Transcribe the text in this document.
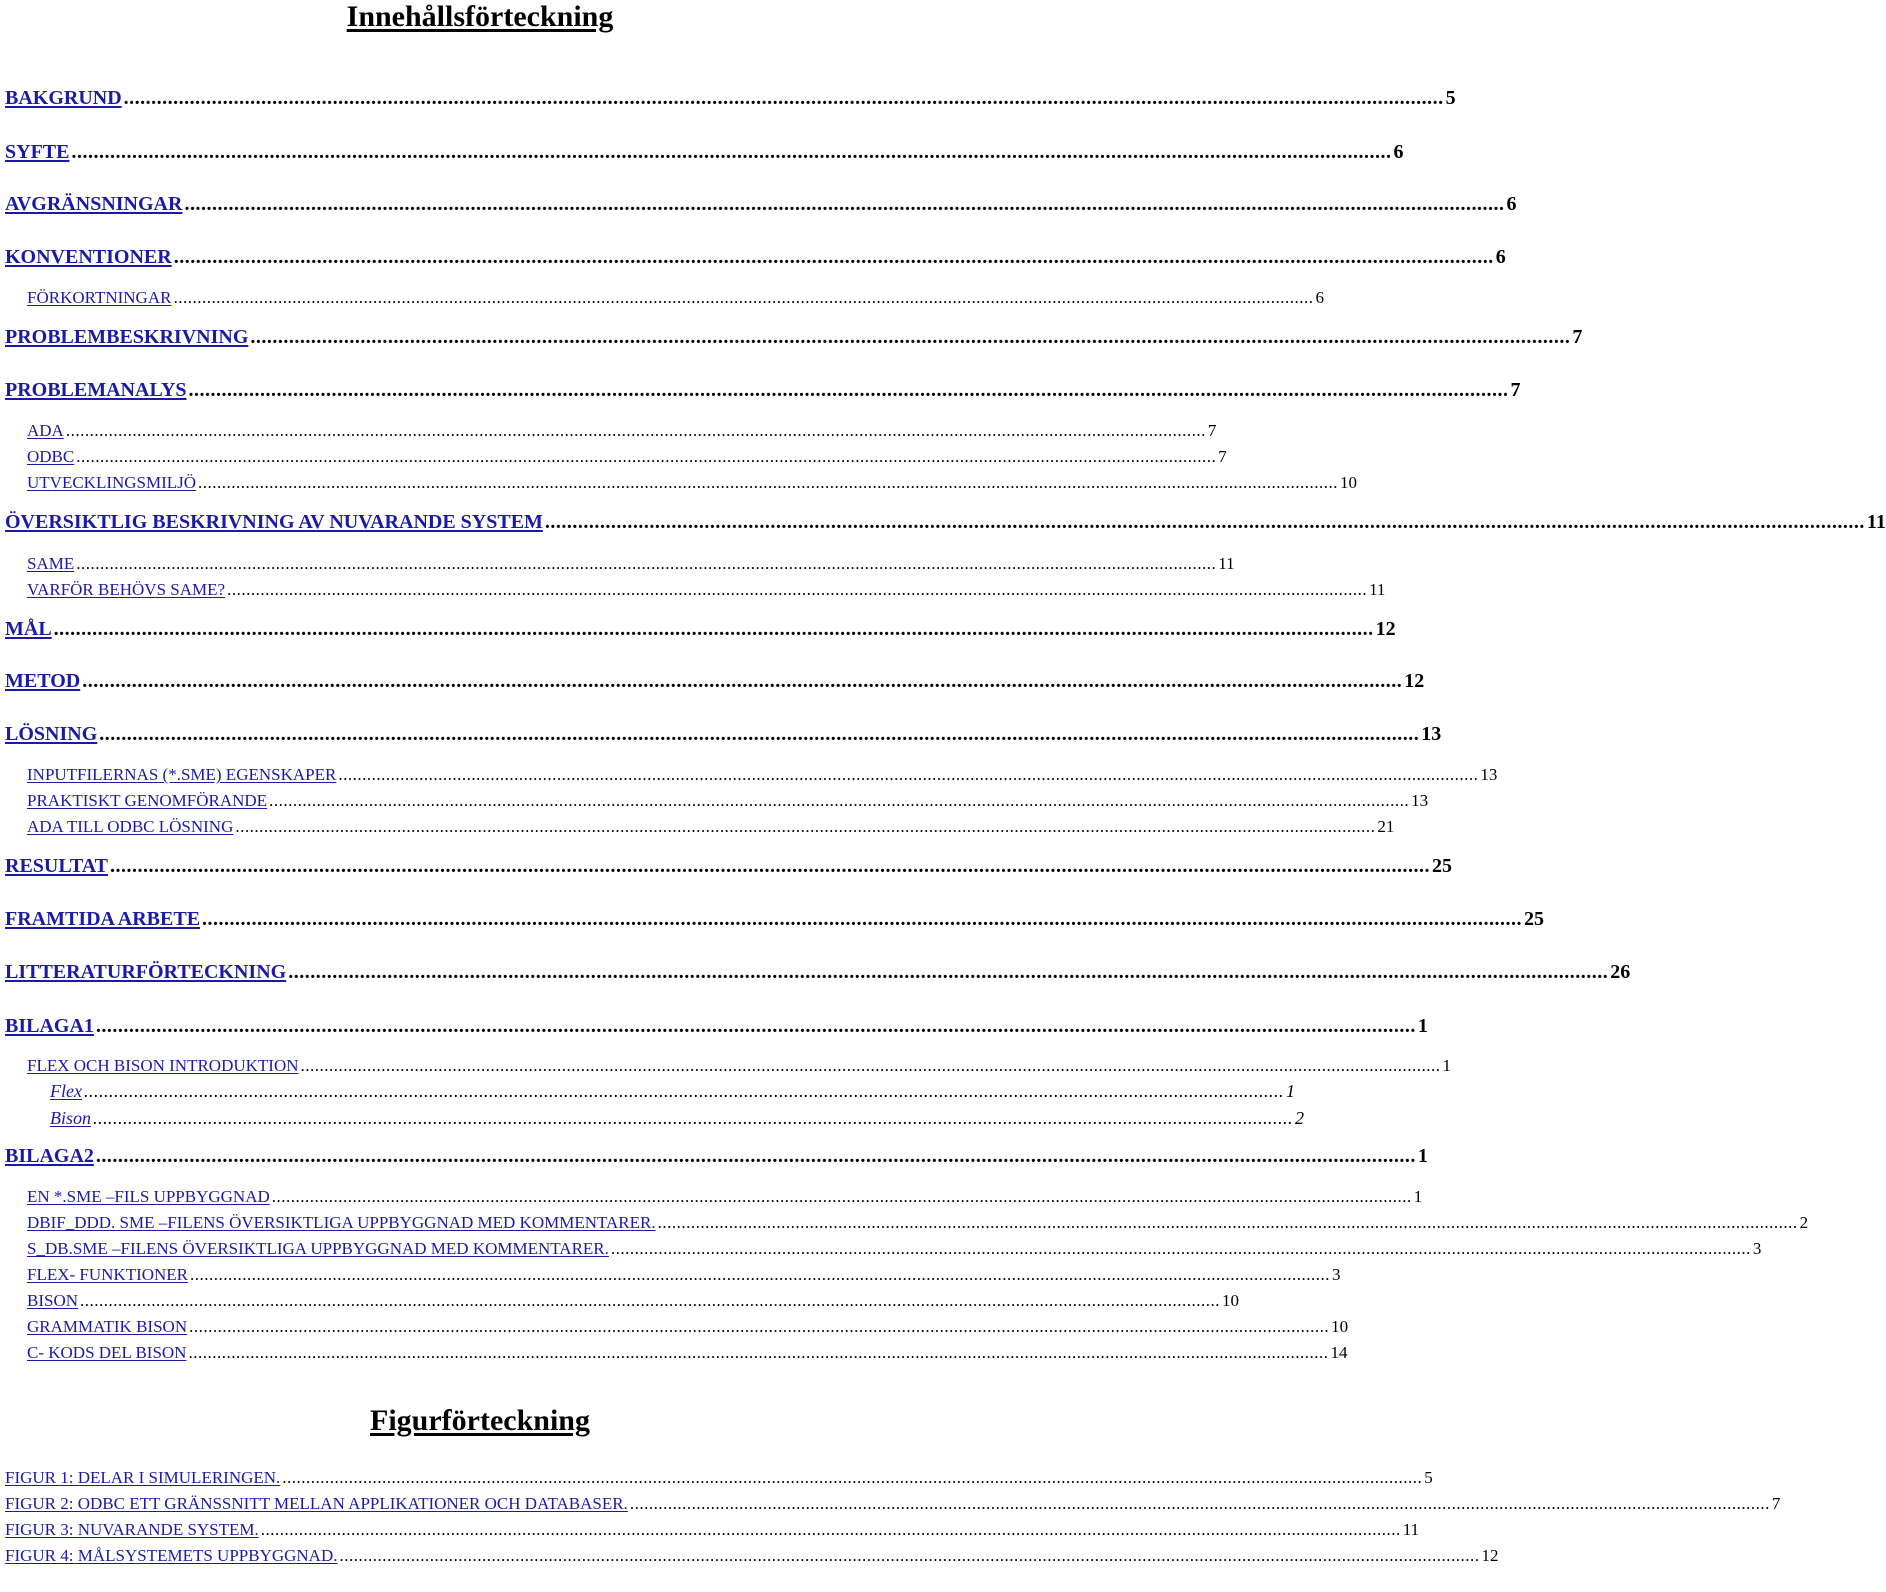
Innehållsförteckning
BAKGRUND .....	5
SYFTE .....	6
AVGRÄNSNINGAR .....	6
KONVENTIONER .....	6
FÖRKORTNINGAR .....	6
PROBLEMBESKRIVNING .....	7
PROBLEMANALYS .....	7
ADA .....	7
ODBC .....	7
UTVECKLINGSMILJÖ .....	10
ÖVERSIKTLIG BESKRIVNING AV NUVARANDE SYSTEM .....	11
SAME .....	11
VARFÖR BEHÖVS SAME? .....	11
MÅL .....	12
METOD .....	12
LÖSNING .....	13
INPUTFILERNAS (*.SME) EGENSKAPER .....	13
PRAKTISKT GENOMFÖRANDE .....	13
ADA TILL ODBC LÖSNING .....	21
RESULTAT .....	25
FRAMTIDA ARBETE .....	25
LITTERATURFÖRTECKNING .....	26
BILAGA1 .....	1
FLEX OCH BISON INTRODUKTION .....	1
Flex .....	1
Bison .....	2
BILAGA2 .....	1
EN *.SME –FILS UPPBYGGNAD .....	1
DBIF_DDD. SME –FILENS ÖVERSIKTLIGA UPPBYGGNAD MED KOMMENTARER. .....	2
S_DB.SME –FILENS ÖVERSIKTLIGA UPPBYGGNAD MED KOMMENTARER. .....	3
FLEX- FUNKTIONER .....	3
BISON .....	10
GRAMMATIK BISON .....	10
C- KODS DEL BISON .....	14
Figurförteckning
FIGUR 1: DELAR I SIMULERINGEN. .....	5
FIGUR 2: ODBC ETT GRÄNSSNITT MELLAN APPLIKATIONER OCH DATABASER. .....	7
FIGUR 3: NUVARANDE SYSTEM. .....	11
FIGUR 4: MÅLSYSTEMETS UPPBYGGNAD. .....	12
